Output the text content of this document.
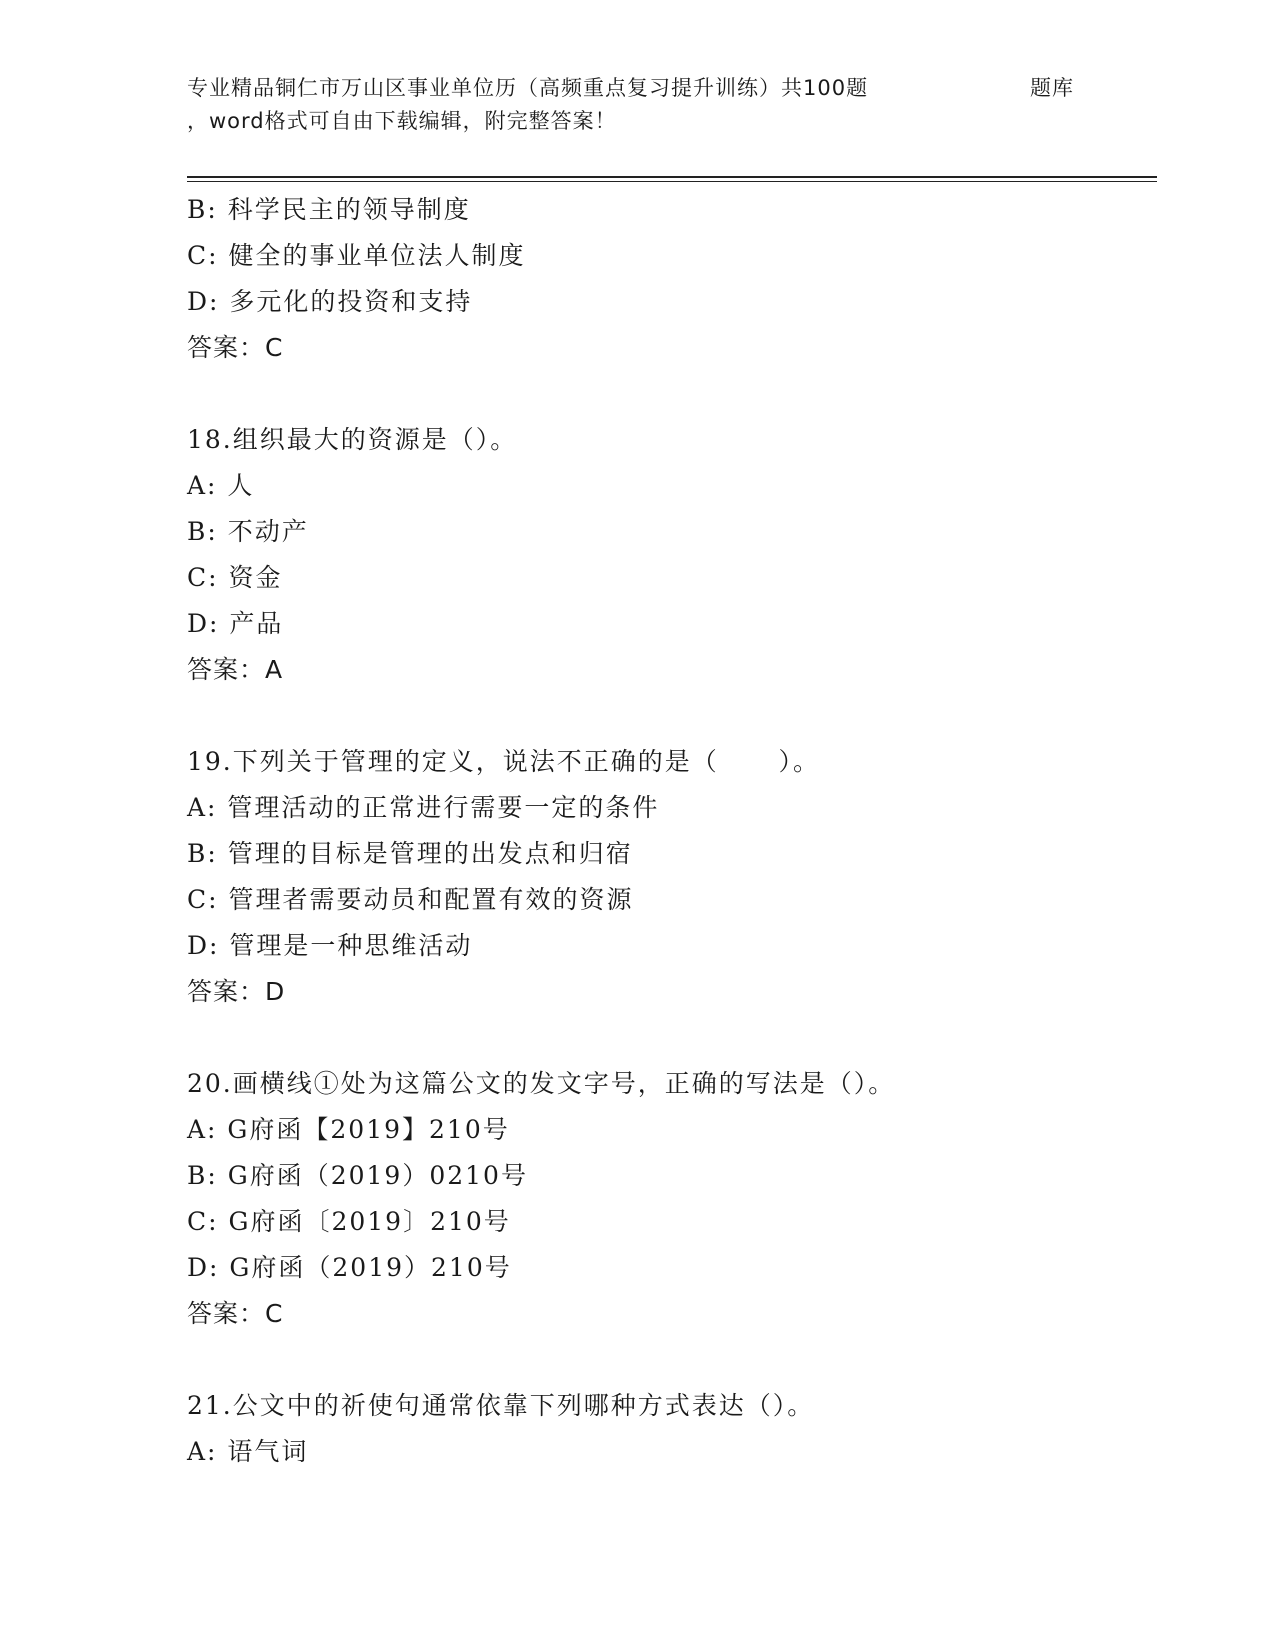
专业精品铜仁市万山区事业单位历（高频重点复习提升训练）共100题	题库
，word格式可自由下载编辑，附完整答案！
B: 科学民主的领导制度
C: 健全的事业单位法人制度
D: 多元化的投资和支持
答案：C
18.组织最大的资源是（）。
A: 人
B: 不动产
C: 资金
D: 产品
答案：A
19.下列关于管理的定义，说法不正确的是（      ）。
A: 管理活动的正常进行需要一定的条件
B: 管理的目标是管理的出发点和归宿
C: 管理者需要动员和配置有效的资源
D: 管理是一种思维活动
答案：D
20.画横线①处为这篇公文的发文字号，正确的写法是（）。
A: G府函【2019】210号
B: G府函（2019）0210号
C: G府函〔2019〕210号
D: G府函（2019）210号
答案：C
21.公文中的祈使句通常依靠下列哪种方式表达（）。
A: 语气词
